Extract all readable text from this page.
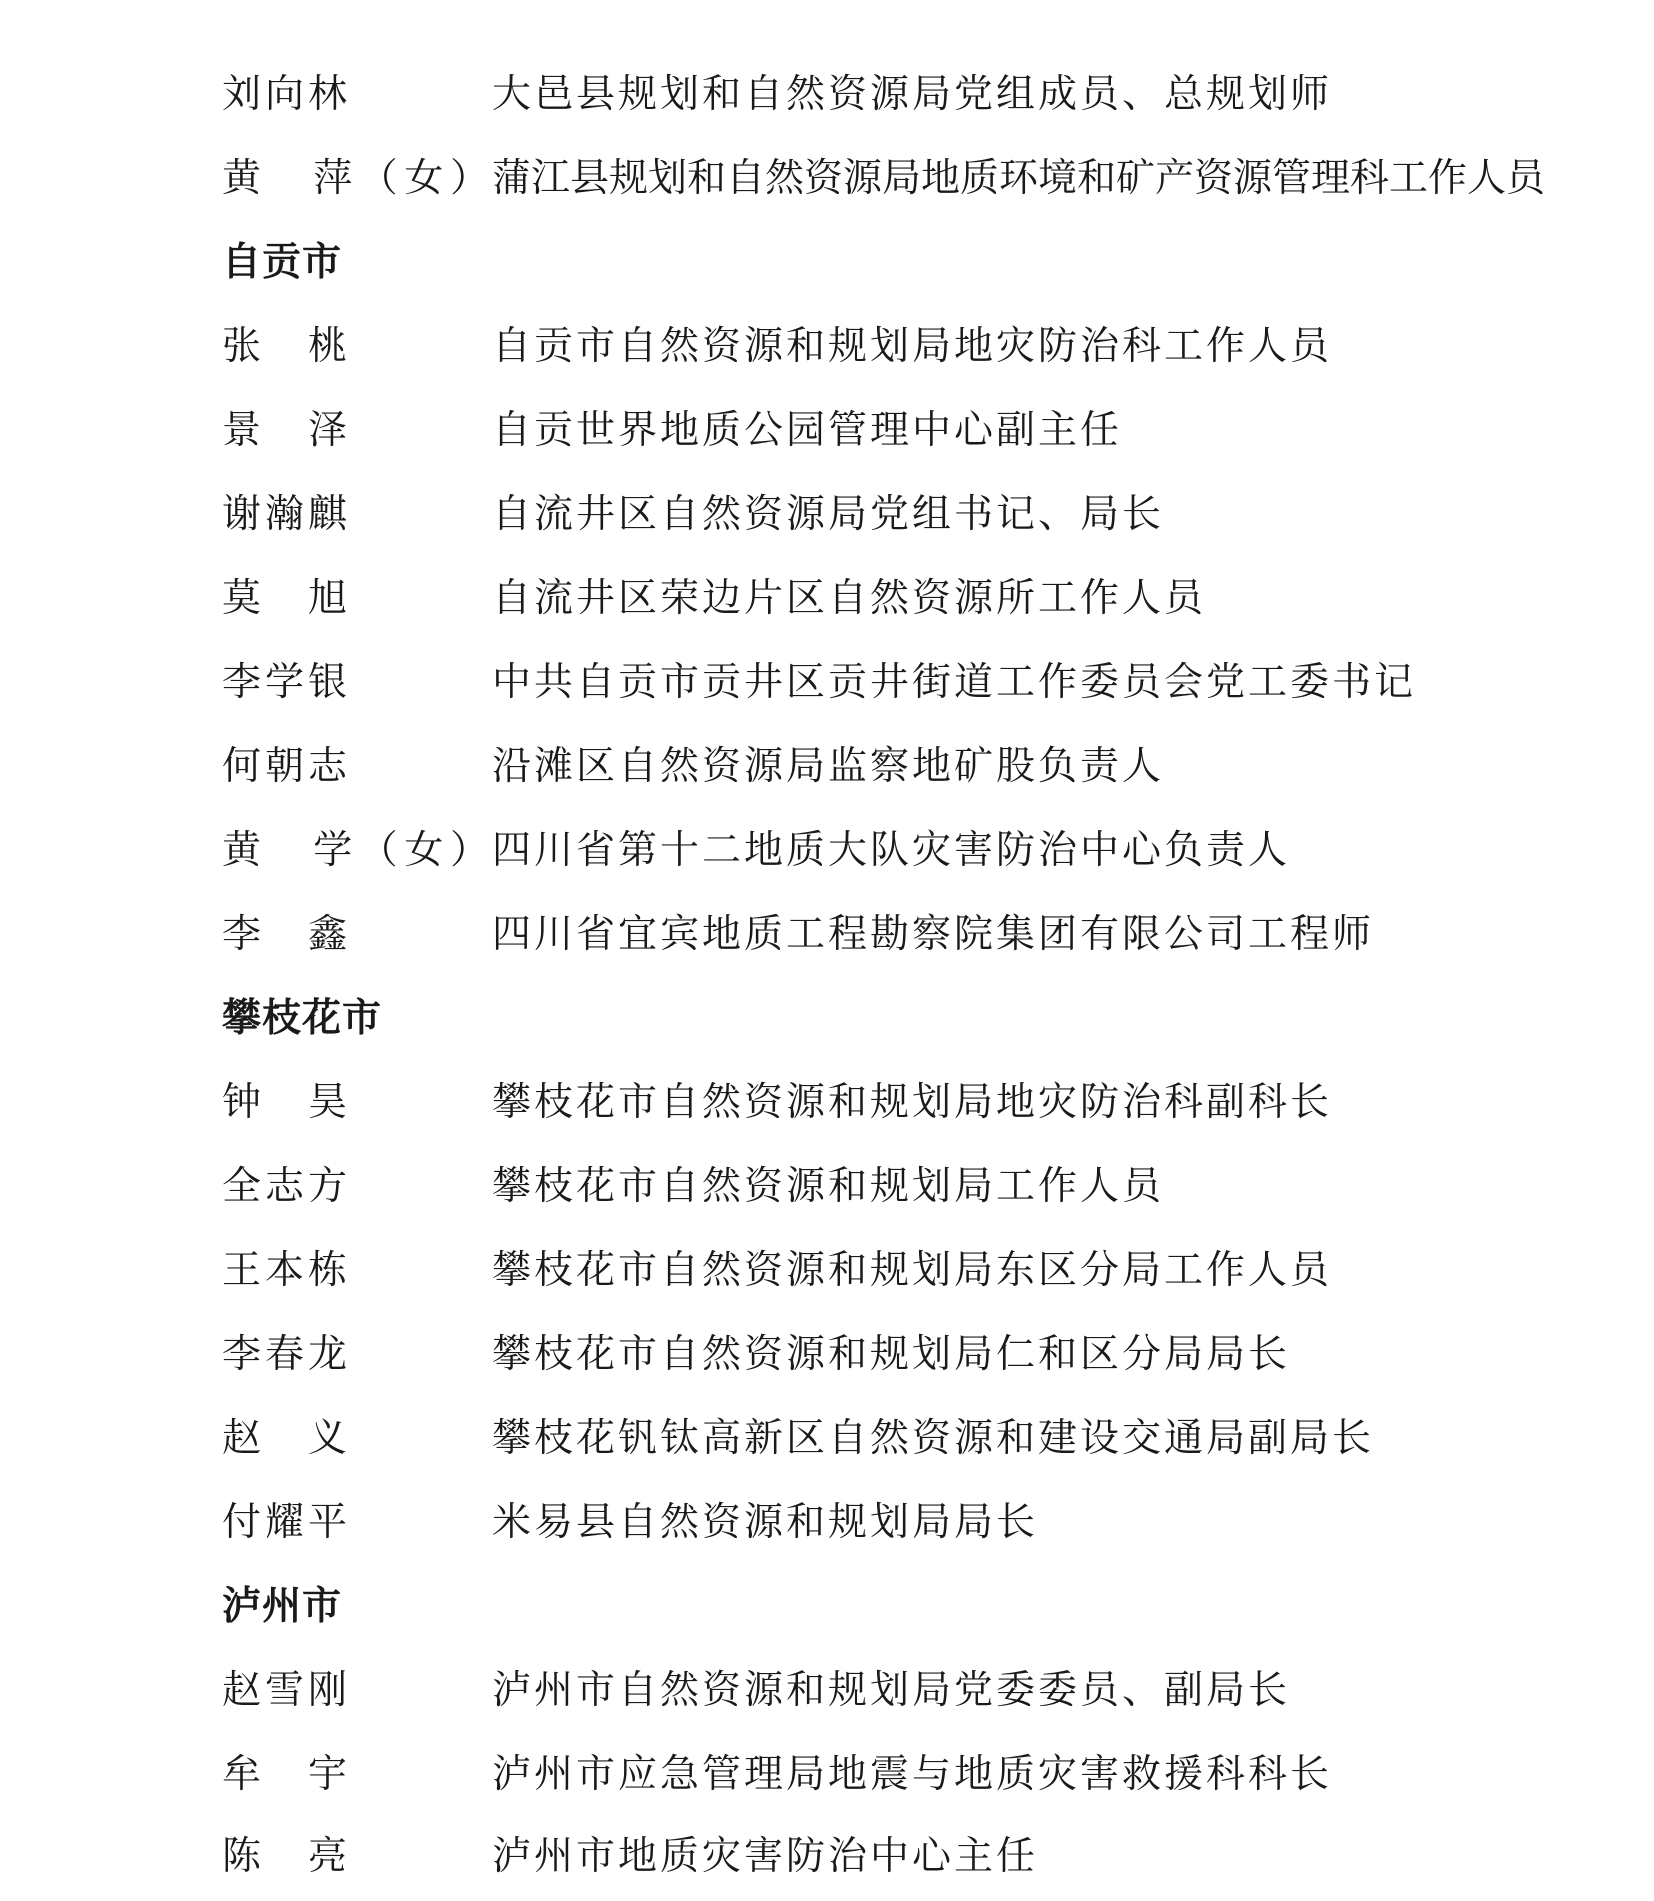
刘向林	大邑县规划和自然资源局党组成员、总规划师
黄　萍（女） 蒲江县规划和自然资源局地质环境和矿产资源管理科工作人员
自贡市
张　桃	自贡市自然资源和规划局地灾防治科工作人员
景　泽	自贡世界地质公园管理中心副主任
谢瀚麒	自流井区自然资源局党组书记、局长
莫　旭	自流井区荣边片区自然资源所工作人员
李学银	中共自贡市贡井区贡井街道工作委员会党工委书记
何朝志	沿滩区自然资源局监察地矿股负责人
黄　学（女） 四川省第十二地质大队灾害防治中心负责人
李　鑫	四川省宜宾地质工程勘察院集团有限公司工程师
攀枝花市
钟　昊	攀枝花市自然资源和规划局地灾防治科副科长
全志方	攀枝花市自然资源和规划局工作人员
王本栋	攀枝花市自然资源和规划局东区分局工作人员
李春龙	攀枝花市自然资源和规划局仁和区分局局长
赵　义	攀枝花钒钛高新区自然资源和建设交通局副局长
付耀平	米易县自然资源和规划局局长
泸州市
赵雪刚	泸州市自然资源和规划局党委委员、副局长
牟　宇	泸州市应急管理局地震与地质灾害救援科科长
陈　亮	泸州市地质灾害防治中心主任
